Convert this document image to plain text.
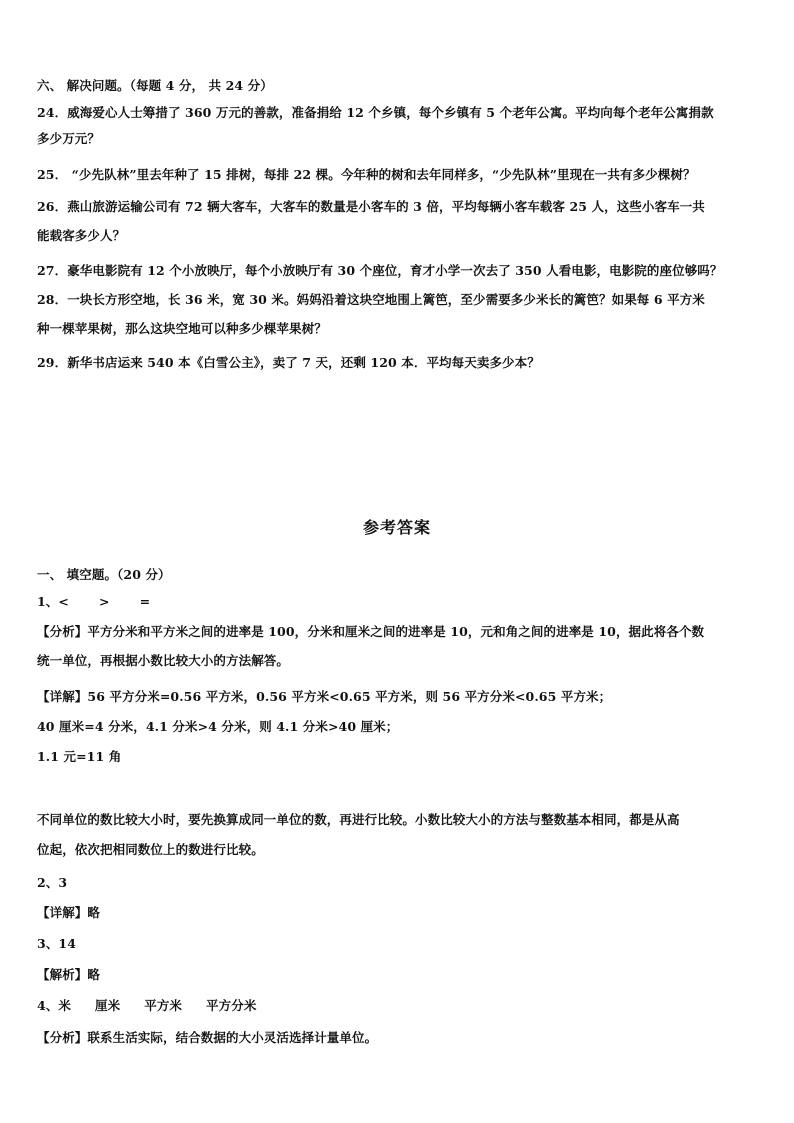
六、 解决问题。（每题 4 分， 共 24 分）
24．威海爱心人士筹措了 360 万元的善款，准备捐给 12 个乡镇，每个乡镇有 5 个老年公寓。平均向每个老年公寓捐款
多少万元？
25． “少先队林”里去年种了 15 排树，每排 22 棵。今年种的树和去年同样多，“少先队林”里现在一共有多少棵树？
26．燕山旅游运输公司有 72 辆大客车，大客车的数量是小客车的 3 倍，平均每辆小客车载客 25 人，这些小客车一共
能载客多少人？
27．豪华电影院有 12 个小放映厅，每个小放映厅有 30 个座位，育才小学一次去了 350 人看电影，电影院的座位够吗？
28．一块长方形空地，长 36 米，宽 30 米。妈妈沿着这块空地围上篱笆，至少需要多少米长的篱笆？如果每 6 平方米
种一棵苹果树，那么这块空地可以种多少棵苹果树？
29．新华书店运来 540 本《白雪公主》，卖了 7 天，还剩 120 本．平均每天卖多少本？
参考答案
一、 填空题。（20 分）
1、< > =
【分析】平方分米和平方米之间的进率是 100，分米和厘米之间的进率是 10，元和角之间的进率是 10，据此将各个数
统一单位，再根据小数比较大小的方法解答。
【详解】56 平方分米=0.56 平方米，0.56 平方米<0.65 平方米，则 56 平方分米<0.65 平方米；
40 厘米=4 分米，4.1 分米>4 分米，则 4.1 分米>40 厘米；
1.1 元=11 角
不同单位的数比较大小时，要先换算成同一单位的数，再进行比较。小数比较大小的方法与整数基本相同，都是从高
位起，依次把相同数位上的数进行比较。
2、3
【详解】略
3、14
【解析】略
4、米 厘米 平方米 平方分米
【分析】联系生活实际，结合数据的大小灵活选择计量单位。
